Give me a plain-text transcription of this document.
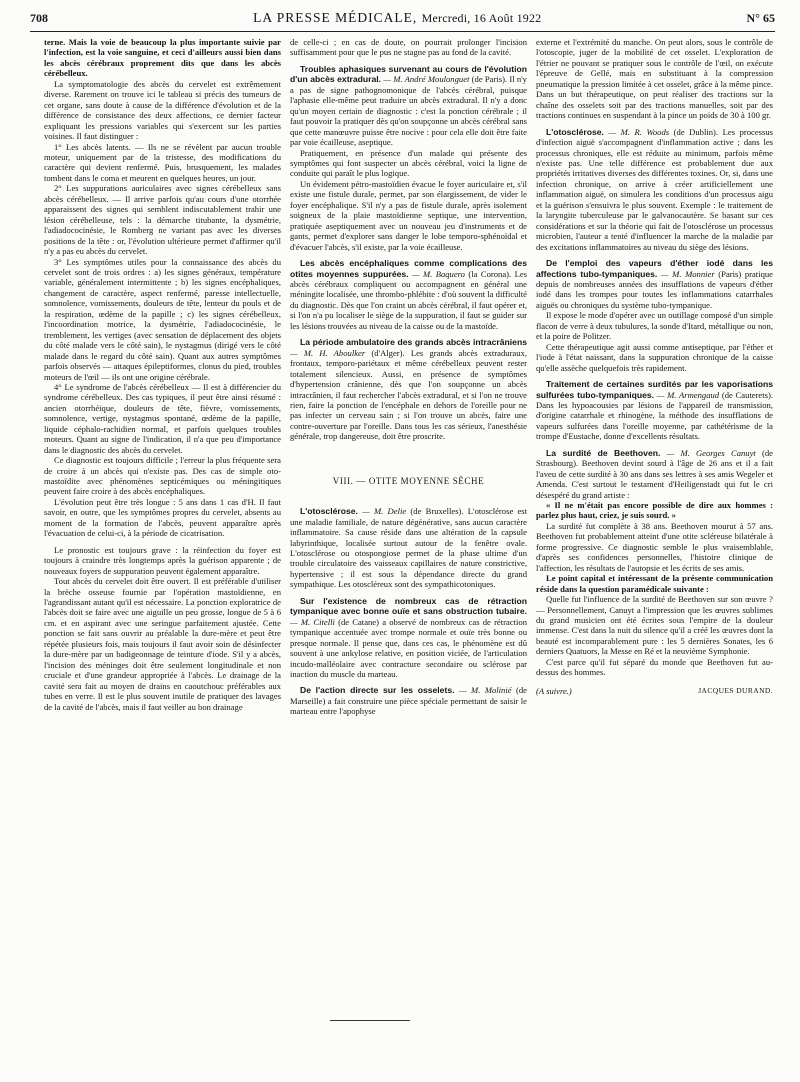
708	LA PRESSE MÉDICALE, Mercredi, 16 Août 1922	N° 65

terne. Mais la voie de beaucoup la plus importante suivie par l'infection, est la voie sanguine, et ceci d'ailleurs aussi bien dans les abcès cérébraux proprement dits que dans les abcès cérébelleux.

La symptomatologie des abcès du cervelet est extrêmement diverse. Rarement on trouve ici le tableau si précis des tumeurs de cet organe, sans doute à cause de la différence d'évolution et de la différence de consistance des deux affections, ce dernier facteur expliquant les pressions variables qui s'exercent sur les parties voisines. Il faut distinguer :

1° Les abcès latents. — Ils ne se révèlent par aucun trouble moteur, uniquement par de la tristesse, des modifications du caractère qui devient renfermé. Puis, brusquement, les malades tombent dans le coma et meurent en quelques heures, un jour.

2° Les suppurations auriculaires avec signes cérébelleux sans abcès cérébelleux. — Il arrive parfois qu'au cours d'une otorrhée apparaissent des signes qui semblent indiscutablement trahir une lésion cérébelleuse, tels : la démarche titubante, la dysmétrie, l'adiadococinésie, le Romberg ne variant pas avec les diverses positions de la tête : or, l'évolution ultérieure permet d'affirmer qu'il n'y a pas eu abcès du cervelet.

3° Les symptômes utiles pour la connaissance des abcès du cervelet sont de trois ordres : a) les signes généraux, température variable, généralement intermittente ; b) les signes encéphaliques, changement de caractère, aspect renfermé, paresse intellectuelle, somnolence, vomissements, douleurs de tête, lenteur du pouls et de la respiration, œdème de la papille ; c) les signes cérébelleux, l'incoordination motrice, la dysmétrie, l'adiadococinésie, le tremblement, les vertiges (avec sensation de déplacement des objets du côté malade vers le côté sain), le nystagmus (dirigé vers le côté malade dans le regard du côté sain). Quant aux autres symptômes parfois observés — attaques épileptiformes, clonus du pied, troubles moteurs de l'œil — ils ont une origine cérébrale.

4° Le syndrome de l'abcès cérébelleux — Il est à différencier du syndrome cérébelleux. Des cas typiques, il peut être ainsi résumé : ancien otorrhéique, douleurs de tête, fièvre, vomissements, somnolence, vertige, nystagmus spontané, œdème de la papille, liquide céphalo-rachidien normal, et parfois quelques troubles moteurs. Quant au signe de l'indication, il n'a que peu d'importance dans le diagnostic des abcès du cervelet.

Ce diagnostic est toujours difficile ; l'erreur la plus fréquente sera de croire à un abcès qui n'existe pas. Des cas de simple oto-mastoïdite avec phénomènes septicémiques ou méningitiques peuvent faire croire à des abcès encéphaliques.

L'évolution peut être très longue : 5 ans dans 1 cas d'H. Il faut savoir, en outre, que les symptômes propres du cervelet, absents au moment de la formation de l'abcès, peuvent apparaître après l'évacuation de celui-ci, à la période de cicatrisation.

Le pronostic est toujours grave : la réinfection du foyer est toujours à craindre très longtemps après la guérison apparente ; de nouveaux foyers de suppuration peuvent également apparaître.

Tout abcès du cervelet doit être ouvert. Il est préférable d'utiliser la brèche osseuse fournie par l'opération mastoïdienne, en l'agrandissant autant qu'il est nécessaire. La ponction exploratrice de l'abcès doit se faire avec une aiguille un peu grosse, longue de 5 à 6 cm. et en aspirant avec une seringue parfaitement ajustée. Cette ponction se fait sans ouvrir au préalable la dure-mère et peut être répétée plusieurs fois, mais toujours il faut avoir soin de désinfecter la dure-mère par un badigeonnage de teinture d'iode. S'il y a abcès, l'incision des méninges doit être seulement longitudinale et non cruciale et d'une grandeur appropriée à l'abcès. Le drainage de la cavité sera fait au moyen de drains en caoutchouc préférables aux tubes en verre. Il est le plus souvent inutile de pratiquer des lavages de la cavité de l'abcès, mais il faut veiller au bon drainage

de celle-ci ; en cas de doute, on pourrait prolonger l'incision suffisamment pour que le pus ne stagne pas au fond de la cavité.

Troubles aphasiques survenant au cours de l'évolution d'un abcès extradural. — M. André Moulonguet (de Paris). Il n'y a pas de signe pathognomonique de l'abcès cérébral, puisque l'aphasie elle-même peut traduire un abcès extradural. Il n'y a donc qu'un moyen certain de diagnostic : c'est la ponction cérébrale ; il faut pouvoir la pratiquer dès qu'on soupçonne un abcès cérébral sans que cette manœuvre puisse être nocive : pour cela elle doit être faite par voie écailleuse, aseptique.

Pratiquement, en présence d'un malade qui présente des symptômes qui font suspecter un abcès cérébral, voici la ligne de conduite qui paraît le plus logique.

Un évidement pétro-mastoïdien évacue le foyer auriculaire et, s'il existe une fistule durale, permet, par son élargissement, de vider le foyer encéphalique. S'il n'y a pas de fistule durale, après isolement soigneux de la plaie mastoïdienne septique, une intervention, pratiquée aseptiquement avec un nouveau jeu d'instruments et de gants, permet d'explorer sans danger le lobe temporo-sphénoïdal et d'évacuer l'abcès, s'il existe, par la voie écailleuse.

Les abcès encéphaliques comme complications des otites moyennes suppurées. — M. Baquero (la Corona). Les abcès cérébraux compliquent ou accompagnent en général une méningite localisée, une thrombo-phlébite : d'où souvent la difficulté du diagnostic. Dès que l'on craint un abcès cérébral, il faut opérer et, si l'on n'a pu localiser le siège de la suppuration, il faut se guider sur les lésions trouvées au niveau de la caisse ou de la mastoïde.

La période ambulatoire des grands abcès intracrâniens — M. H. Aboulker (d'Alger). Les grands abcès extraduraux, frontaux, temporo-pariétaux et même cérébelleux peuvent rester totalement silencieux. Aussi, en présence de symptômes d'hypertension crânienne, dès que l'on soupçonne un abcès intracrânien, il faut rechercher l'abcès extradural, et si l'on ne trouve rien, faire la ponction de l'encéphale en dehors de l'oreille pour ne pas infecter un cerveau sain ; si l'on trouve un abcès, faire une contre-ouverture par l'oreille. Dans tous les cas sérieux, l'anesthésie générale, trop dangereuse, doit être proscrite.

VIII. — OTITE MOYENNE SÈCHE

L'otosclérose. — M. Delie (de Bruxelles). L'otosclérose est une maladie familiale, de nature dégénérative, sans aucun caractère inflammatoire. Sa cause réside dans une altération de la capsule labyrinthique, localisée surtout autour de la fenêtre ovale. L'otosclérose ou otospongiose permet de la phase ultime d'un trouble circulatoire des vaisseaux capillaires de nature constrictive, hypertensive ; il est sous la dépendance directe du grand sympathique. Les otoscléreux sont des sympathicotoniques.

Sur l'existence de nombreux cas de rétraction tympanique avec bonne ouïe et sans obstruction tubaire. — M. Citelli (de Catane) a observé de nombreux cas de rétraction tympanique accentuée avec trompe normale et ouïe très bonne ou presque normale. Il pense que, dans ces cas, le phénomène est dû souvent à une ankylose relative, en position viciée, de l'articulation incudo-malléolaire avec contracture secondaire ou sclérose par inaction du muscle du marteau.

De l'action directe sur les osselets. — M. Molinié (de Marseille) a fait construire une pièce spéciale permettant de saisir le marteau entre l'apophyse

externe et l'extrémité du manche. On peut alors, sous le contrôle de l'otoscopie, juger de la mobilité de cet osselet. L'exploration de l'étrier ne pouvant se pratiquer sous le contrôle de l'œil, on exécute l'épreuve de Gellé, mais en substituant à la compression pneumatique la pression limitée à cet osselet, grâce à la même pince. Dans un but thérapeutique, on peut réaliser des tractions sur la chaîne des osselets soit par des tractions manuelles, soit par des tractions continues en suspendant à la pince un poids de 30 à 100 gr.

L'otosclérose. — M. R. Woods (de Dublin). Les processus d'infection aiguë s'accompagnent d'inflammation active ; dans les processus chroniques, elle est réduite au minimum, parfois même n'existe pas. Une telle différence est probablement due aux propriétés irritatives diverses des différentes toxines. Or, si, dans une infection chronique, on arrive à créer artificiellement une inflammation aiguë, on simulera les conditions d'un processus aigu et la guérison s'ensuivra le plus souvent. Exemple : le traitement de la laryngite tuberculeuse par le galvanocautère. Se basant sur ces considérations et sur la théorie qui fait de l'otosclérose un processus microbien, l'auteur a tenté d'influencer la marche de la maladie par des excitations inflammatoires au niveau du siège des lésions.

De l'emploi des vapeurs d'éther iodé dans les affections tubo-tympaniques. — M. Monnier (Paris) pratique depuis de nombreuses années des insufflations de vapeurs d'éther iodé dans les trompes pour toutes les inflammations catarrhales aiguës ou chroniques du système tubo-tympanique.

Il expose le mode d'opérer avec un outillage composé d'un simple flacon de verre à deux tubulures, la sonde d'Itard, métallique ou non, et la poire de Politzer.

Cette thérapeutique agit aussi comme antiseptique, par l'éther et l'iode à l'état naissant, dans la suppuration chronique de la caisse qu'elle assèche quelquefois très rapidement.

Traitement de certaines surdités par les vaporisations sulfurées tubo-tympaniques. — M. Armengaud (de Cauterets). Dans les hypoacousies par lésions de l'appareil de transmission, d'origine catarrhale et rhinogène, la méthode des insufflations de vapeurs sulfurées dans l'oreille moyenne, par cathétérisme de la trompe d'Eustache, donne d'excellents résultats.

La surdité de Beethoven. — M. Georges Canuyt (de Strasbourg). Beethoven devint sourd à l'âge de 26 ans et il a fait l'aveu de cette surdité à 30 ans dans ses lettres à ses amis Wegeler et Amenda. C'est surtout le testament d'Heiligenstadt qui fut le cri désespéré du grand artiste :

« Il ne m'était pas encore possible de dire aux hommes : parlez plus haut, criez, je suis sourd. »

La surdité fut complète à 38 ans. Beethoven mourut à 57 ans. Beethoven fut probablement atteint d'une otite scléreuse bilatérale à forme progressive. Ce diagnostic semble le plus vraisemblable, d'après ses confidences personnelles, l'histoire clinique de l'affection, les résultats de l'autopsie et les écrits de ses amis.

Le point capital et intéressant de la présente communication réside dans la question paramédicale suivante :

Quelle fut l'influence de la surdité de Beethoven sur son œuvre ? — Personnellement, Canuyt a l'impression que les œuvres sublimes du grand musicien ont été écrites sous l'empire de la douleur immense. C'est dans la nuit du silence qu'il a créé les œuvres dont la beauté est incomparablement pure : les 5 dernières Sonates, les 6 derniers Quatuors, la Messe en Ré et la neuvième Symphonie.

C'est parce qu'il fut séparé du monde que Beethoven fut au-dessus des hommes.

(A suivre.)	JACQUES DURAND.
